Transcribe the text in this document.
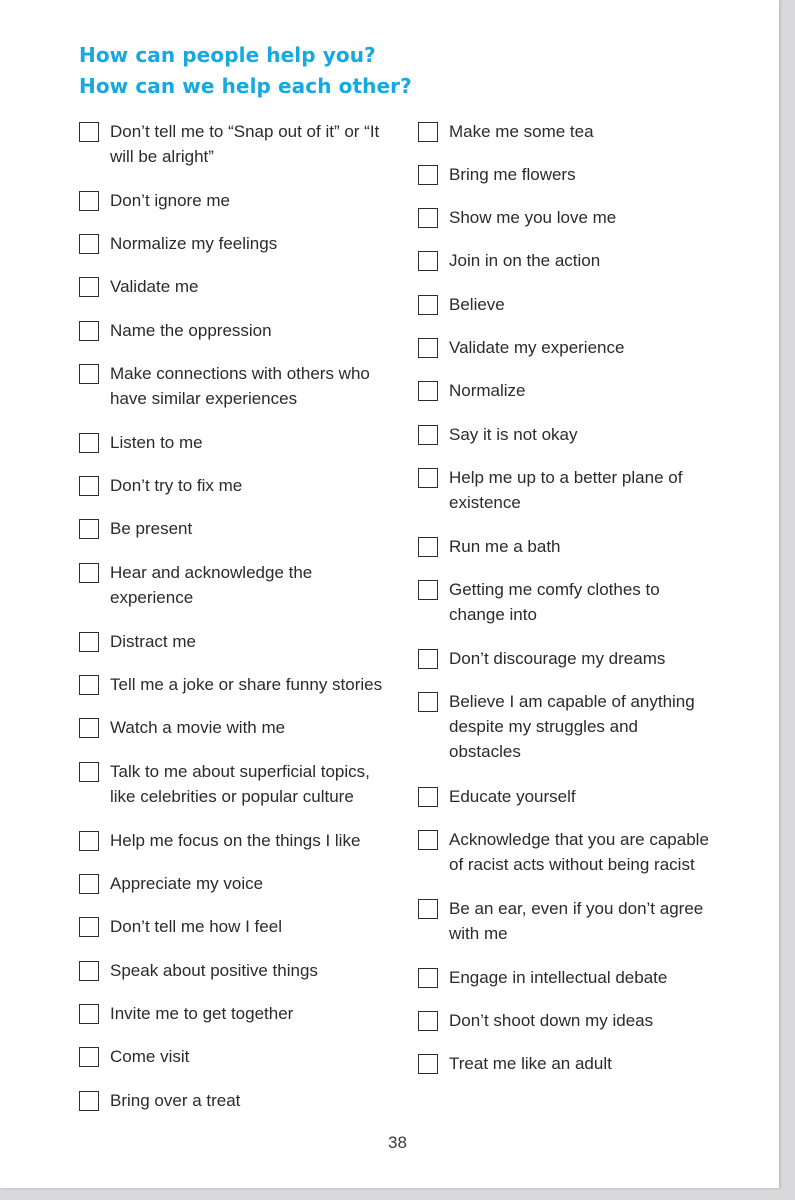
How can people help you?
How can we help each other?
Don’t tell me to “Snap out of it” or “It
will be alright”
Don’t ignore me
Normalize my feelings
Validate me
Name the oppression
Make connections with others who
have similar experiences
Listen to me
Don’t try to fix me
Be present
Hear and acknowledge the
experience
Distract me
Tell me a joke or share funny stories
Watch a movie with me
Talk to me about superficial topics,
like celebrities or popular culture
Help me focus on the things I like
Appreciate my voice
Don’t tell me how I feel
Speak about positive things
Invite me to get together
Come visit
Bring over a treat
Make me some tea
Bring me flowers
Show me you love me
Join in on the action
Believe
Validate my experience
Normalize
Say it is not okay
Help me up to a better plane of
existence
Run me a bath
Getting me comfy clothes to
change into
Don’t discourage my dreams
Believe I am capable of anything
despite my struggles and
obstacles
Educate yourself
Acknowledge that you are capable
of racist acts without being racist
Be an ear, even if you don’t agree
with me
Engage in intellectual debate
Don’t shoot down my ideas
Treat me like an adult
38
